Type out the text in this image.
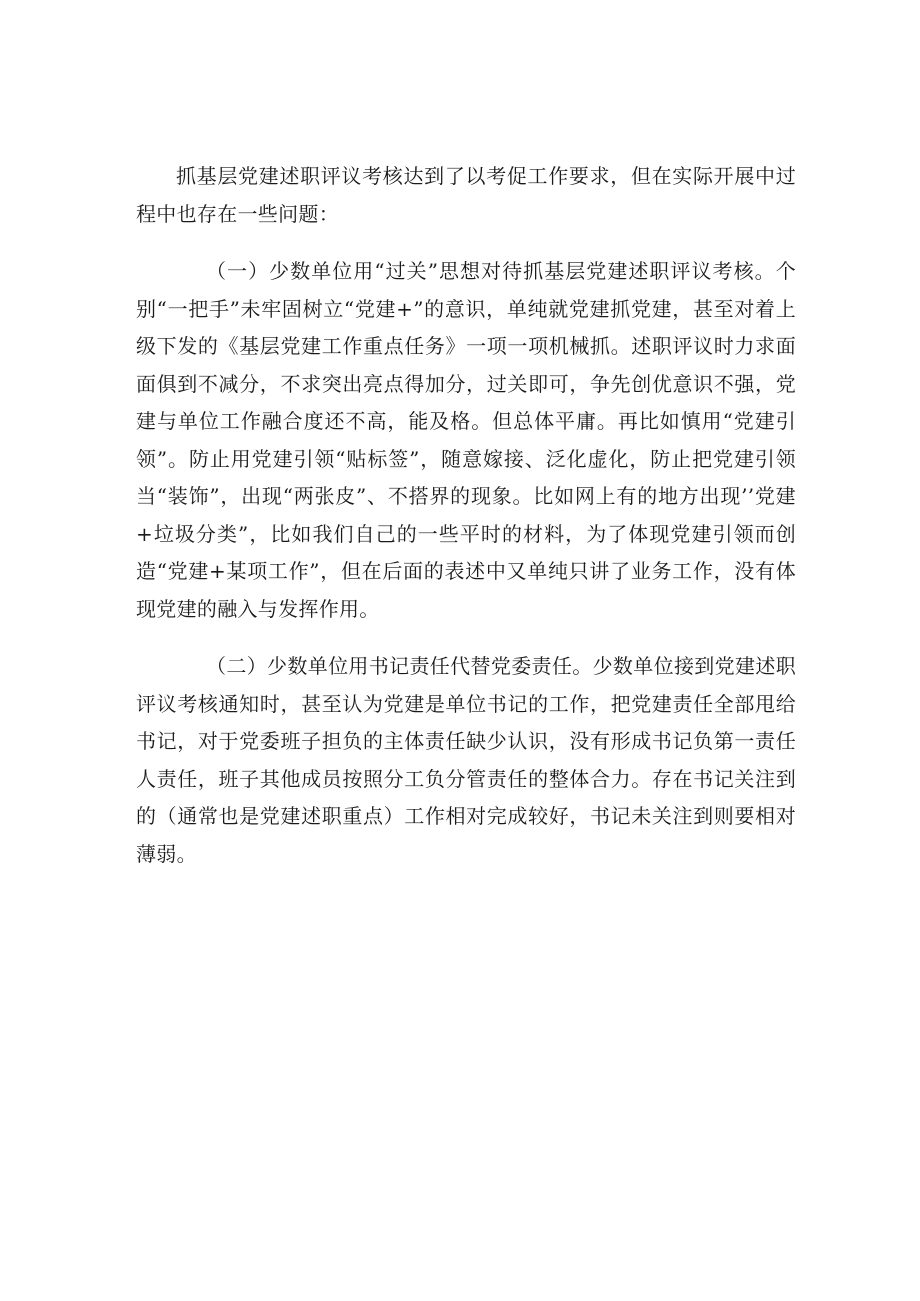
抓基层党建述职评议考核达到了以考促工作要求，但在实际开展中过程中也存在一些问题：

（一）少数单位用“过关”思想对待抓基层党建述职评议考核。个别“一把手”未牢固树立“党建+”的意识，单纯就党建抓党建，甚至对着上级下发的《基层党建工作重点任务》一项一项机械抓。述职评议时力求面面俱到不减分，不求突出亮点得加分，过关即可，争先创优意识不强，党建与单位工作融合度还不高，能及格。但总体平庸。再比如慎用“党建引领”。防止用党建引领“贴标签”，随意嫁接、泛化虚化，防止把党建引领当“装饰”，出现“两张皮”、不搭界的现象。比如网上有的地方出现’’党建+垃圾分类”，比如我们自己的一些平时的材料，为了体现党建引领而创造“党建+某项工作”，但在后面的表述中又单纯只讲了业务工作，没有体现党建的融入与发挥作用。

（二）少数单位用书记责任代替党委责任。少数单位接到党建述职评议考核通知时，甚至认为党建是单位书记的工作，把党建责任全部甩给书记，对于党委班子担负的主体责任缺少认识，没有形成书记负第一责任人责任，班子其他成员按照分工负分管责任的整体合力。存在书记关注到的（通常也是党建述职重点）工作相对完成较好，书记未关注到则要相对薄弱。
